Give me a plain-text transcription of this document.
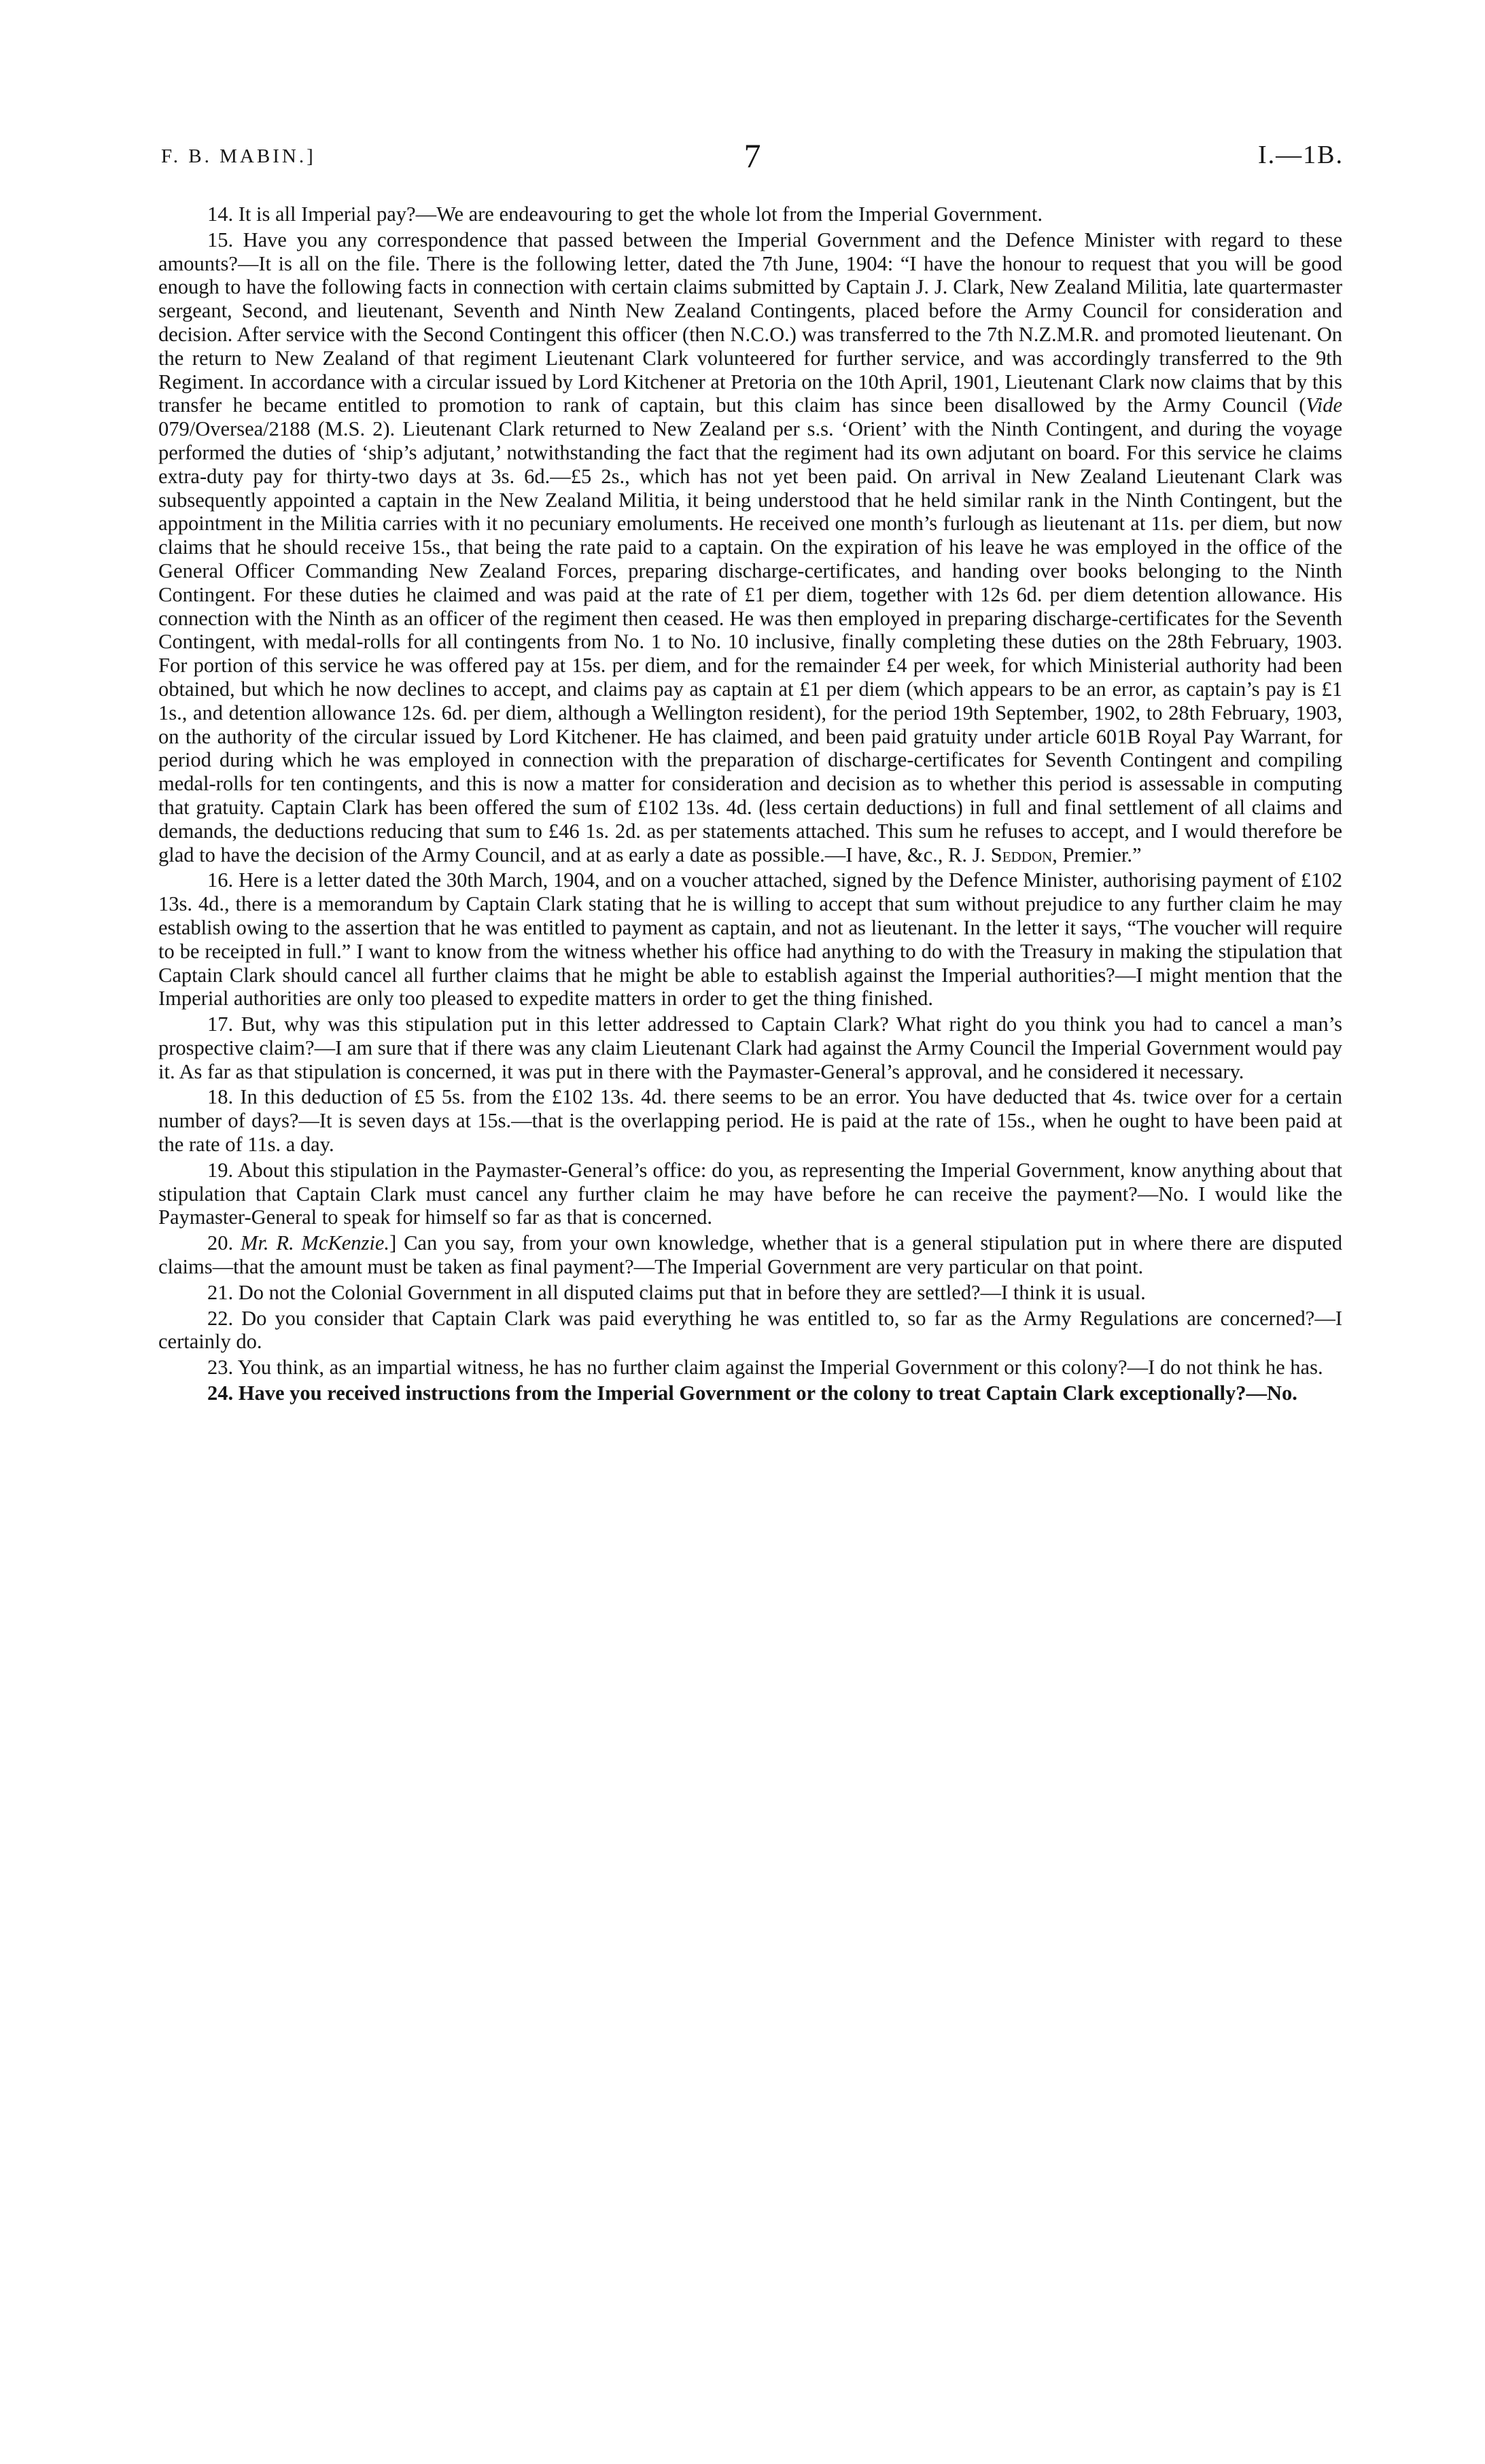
F. B. MABIN.]	7	I.—1B.

14. It is all Imperial pay?—We are endeavouring to get the whole lot from the Imperial Government.

15. Have you any correspondence that passed between the Imperial Government and the Defence Minister with regard to these amounts?—It is all on the file. There is the following letter, dated the 7th June, 1904: “I have the honour to request that you will be good enough to have the following facts in connection with certain claims submitted by Captain J. J. Clark, New Zealand Militia, late quartermaster sergeant, Second, and lieutenant, Seventh and Ninth New Zealand Contingents, placed before the Army Council for consideration and decision. After service with the Second Contingent this officer (then N.C.O.) was transferred to the 7th N.Z.M.R. and promoted lieutenant. On the return to New Zealand of that regiment Lieutenant Clark volunteered for further service, and was accordingly transferred to the 9th Regiment. In accordance with a circular issued by Lord Kitchener at Pretoria on the 10th April, 1901, Lieutenant Clark now claims that by this transfer he became entitled to promotion to rank of captain, but this claim has since been disallowed by the Army Council (Vide 079/Oversea/2188 (M.S. 2). Lieutenant Clark returned to New Zealand per s.s. ‘Orient’ with the Ninth Contingent, and during the voyage performed the duties of ‘ship’s adjutant,’ notwithstanding the fact that the regiment had its own adjutant on board. For this service he claims extra-duty pay for thirty-two days at 3s. 6d.—£5 2s., which has not yet been paid. On arrival in New Zealand Lieutenant Clark was subsequently appointed a captain in the New Zealand Militia, it being understood that he held similar rank in the Ninth Contingent, but the appointment in the Militia carries with it no pecuniary emoluments. He received one month’s furlough as lieutenant at 11s. per diem, but now claims that he should receive 15s., that being the rate paid to a captain. On the expiration of his leave he was employed in the office of the General Officer Commanding New Zealand Forces, preparing discharge-certificates, and handing over books belonging to the Ninth Contingent. For these duties he claimed and was paid at the rate of £1 per diem, together with 12s 6d. per diem detention allowance. His connection with the Ninth as an officer of the regiment then ceased. He was then employed in preparing discharge-certificates for the Seventh Contingent, with medal-rolls for all contingents from No. 1 to No. 10 inclusive, finally completing these duties on the 28th February, 1903. For portion of this service he was offered pay at 15s. per diem, and for the remainder £4 per week, for which Ministerial authority had been obtained, but which he now declines to accept, and claims pay as captain at £1 per diem (which appears to be an error, as captain’s pay is £1 1s., and detention allowance 12s. 6d. per diem, although a Wellington resident), for the period 19th September, 1902, to 28th February, 1903, on the authority of the circular issued by Lord Kitchener. He has claimed, and been paid gratuity under article 601B Royal Pay Warrant, for period during which he was employed in connection with the preparation of discharge-certificates for Seventh Contingent and compiling medal-rolls for ten contingents, and this is now a matter for consideration and decision as to whether this period is assessable in computing that gratuity. Captain Clark has been offered the sum of £102 13s. 4d. (less certain deductions) in full and final settlement of all claims and demands, the deductions reducing that sum to £46 1s. 2d. as per statements attached. This sum he refuses to accept, and I would therefore be glad to have the decision of the Army Council, and at as early a date as possible.—I have, &c., R. J. Seddon, Premier.”

16. Here is a letter dated the 30th March, 1904, and on a voucher attached, signed by the Defence Minister, authorising payment of £102 13s. 4d., there is a memorandum by Captain Clark stating that he is willing to accept that sum without prejudice to any further claim he may establish owing to the assertion that he was entitled to payment as captain, and not as lieutenant. In the letter it says, “The voucher will require to be receipted in full.” I want to know from the witness whether his office had anything to do with the Treasury in making the stipulation that Captain Clark should cancel all further claims that he might be able to establish against the Imperial authorities?—I might mention that the Imperial authorities are only too pleased to expedite matters in order to get the thing finished.

17. But, why was this stipulation put in this letter addressed to Captain Clark? What right do you think you had to cancel a man’s prospective claim?—I am sure that if there was any claim Lieutenant Clark had against the Army Council the Imperial Government would pay it. As far as that stipulation is concerned, it was put in there with the Paymaster-General’s approval, and he considered it necessary.

18. In this deduction of £5 5s. from the £102 13s. 4d. there seems to be an error. You have deducted that 4s. twice over for a certain number of days?—It is seven days at 15s.—that is the overlapping period. He is paid at the rate of 15s., when he ought to have been paid at the rate of 11s. a day.

19. About this stipulation in the Paymaster-General’s office: do you, as representing the Imperial Government, know anything about that stipulation that Captain Clark must cancel any further claim he may have before he can receive the payment?—No. I would like the Paymaster-General to speak for himself so far as that is concerned.

20. Mr. R. McKenzie.] Can you say, from your own knowledge, whether that is a general stipulation put in where there are disputed claims—that the amount must be taken as final payment?—The Imperial Government are very particular on that point.

21. Do not the Colonial Government in all disputed claims put that in before they are settled?—I think it is usual.

22. Do you consider that Captain Clark was paid everything he was entitled to, so far as the Army Regulations are concerned?—I certainly do.

23. You think, as an impartial witness, he has no further claim against the Imperial Government or this colony?—I do not think he has.

24. Have you received instructions from the Imperial Government or the colony to treat Captain Clark exceptionally?—No.
